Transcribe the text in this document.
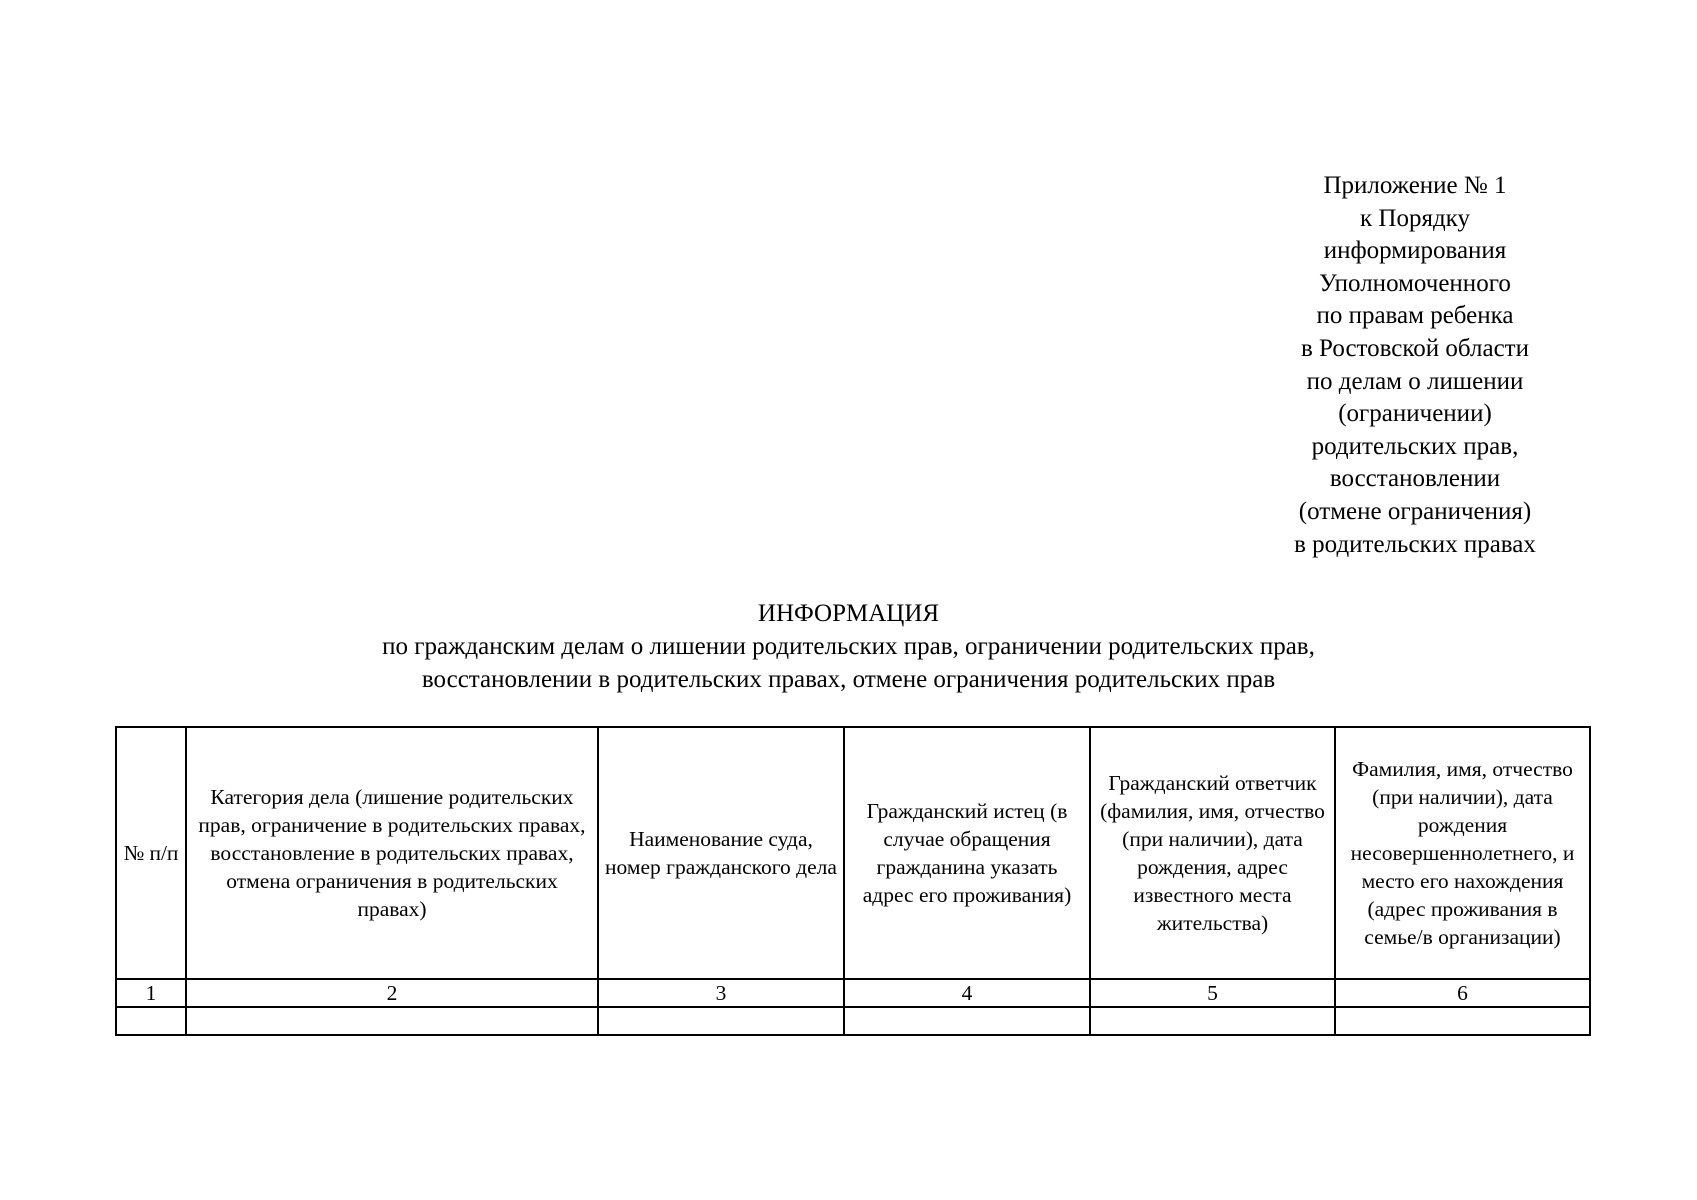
Приложение № 1
к Порядку
информирования
Уполномоченного
по правам ребенка
в Ростовской области
по делам о лишении
(ограничении)
родительских прав,
восстановлении
(отмене ограничения)
в родительских правах
ИНФОРМАЦИЯ
по гражданским делам о лишении родительских прав, ограничении родительских прав,
восстановлении в родительских правах, отмене ограничения родительских прав
№ п/п	Категория дела (лишение родительских прав, ограничение в родительских правах, восстановление в родительских правах, отмена ограничения в родительских правах)	Наименование суда, номер гражданского дела	Гражданский истец (в случае обращения гражданина указать адрес его проживания)	Гражданский ответчик (фамилия, имя, отчество (при наличии), дата рождения, адрес известного места жительства)	Фамилия, имя, отчество (при наличии), дата рождения несовершеннолетнего, и место его нахождения (адрес проживания в семье/в организации)
1	2	3	4	5	6
